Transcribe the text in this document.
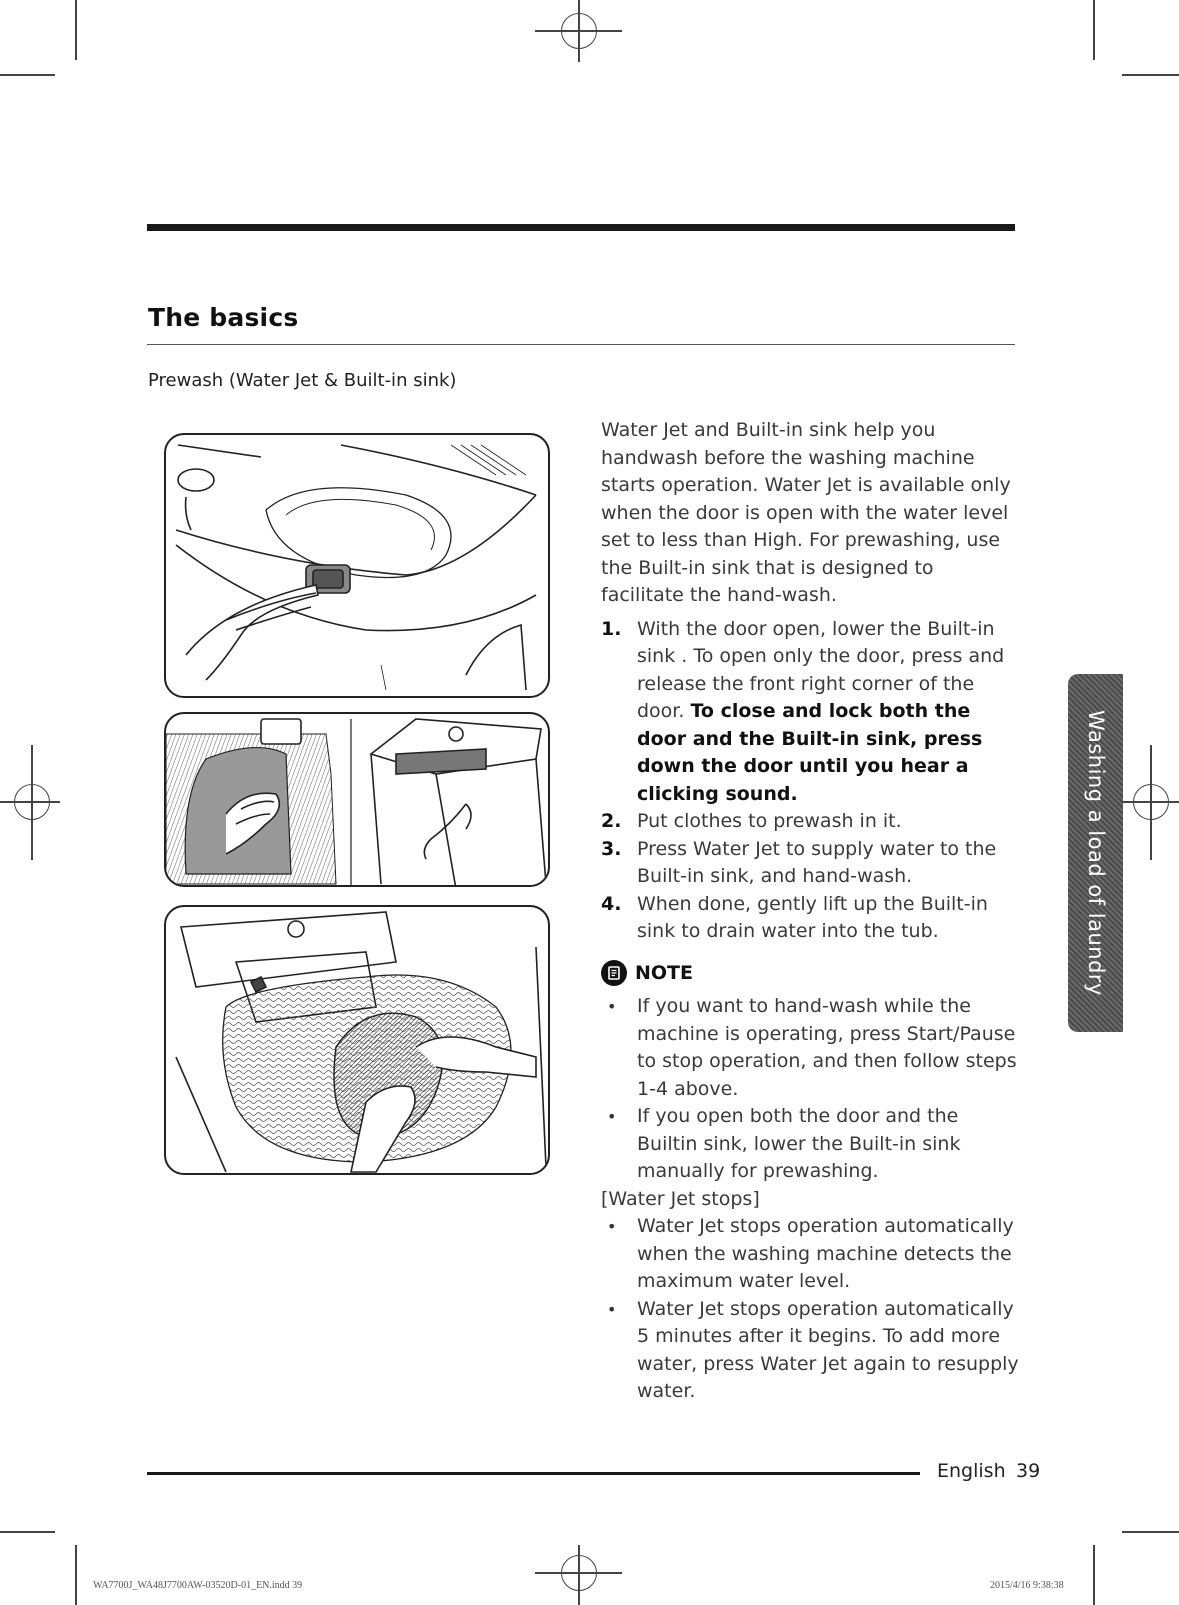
The basics
Prewash (Water Jet & Built-in sink)

Water Jet and Built-in sink help you handwash before the washing machine starts operation. Water Jet is available only when the door is open with the water level set to less than High. For prewashing, use the Built-in sink that is designed to facilitate the hand-wash.

1. With the door open, lower the Built-in sink . To open only the door, press and release the front right corner of the door. To close and lock both the door and the Built-in sink, press down the door until you hear a clicking sound.
2. Put clothes to prewash in it.
3. Press Water Jet to supply water to the Built-in sink, and hand-wash.
4. When done, gently lift up the Built-in sink to drain water into the tub.
NOTE
• If you want to hand-wash while the machine is operating, press Start/Pause to stop operation, and then follow steps 1-4 above.
• If you open both the door and the Builtin sink, lower the Built-in sink manually for prewashing.

[Water Jet stops]

• Water Jet stops operation automatically when the washing machine detects the maximum water level.
• Water Jet stops operation automatically 5 minutes after it begins. To add more water, press Water Jet again to resupply water.
Washing a load of laundry
English 39
WA7700J_WA48J7700AW-03520D-01_EN.indd 39	2015/4/16 9:38:38
